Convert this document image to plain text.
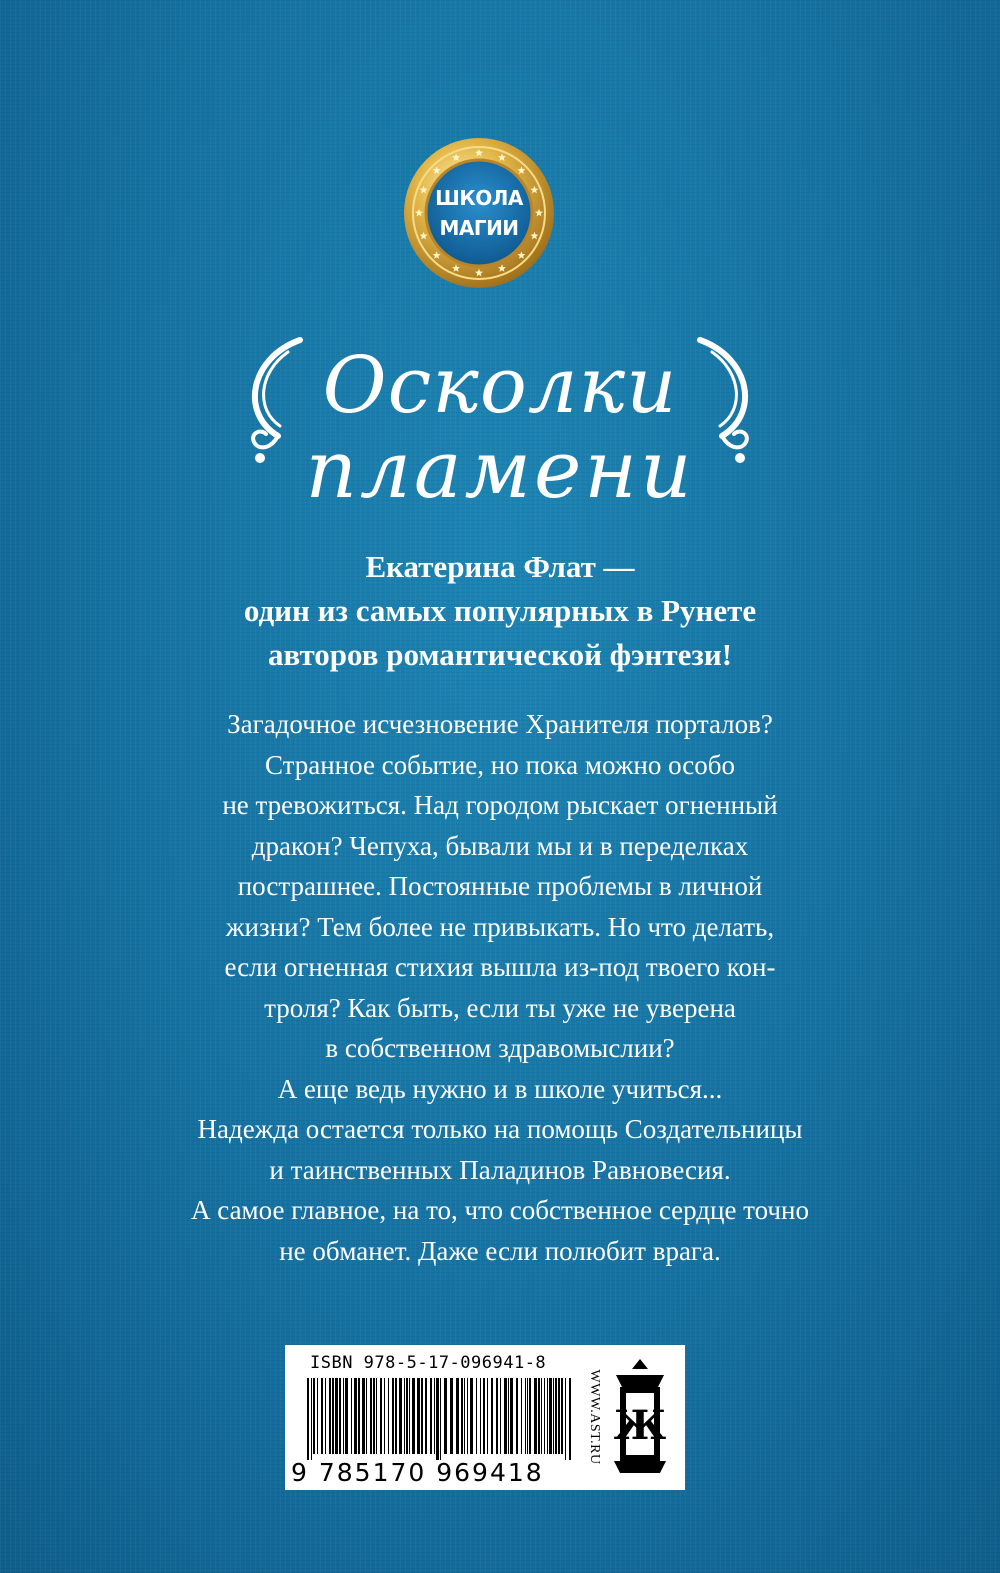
ШКОЛА
МАГИИ
Осколки
пламени
Екатерина Флат —
один из самых популярных в Рунете
авторов романтической фэнтези!
Загадочное исчезновение Хранителя порталов?
Странное событие, но пока можно особо
не тревожиться. Над городом рыскает огненный
дракон? Чепуха, бывали мы и в переделках
пострашнее. Постоянные проблемы в личной
жизни? Тем более не привыкать. Но что делать,
если огненная стихия вышла из-под твоего кон-
троля? Как быть, если ты уже не уверена
в собственном здравомыслии?
А еще ведь нужно и в школе учиться...
Надежда остается только на помощь Создательницы
и таинственных Паладинов Равновесия.
А самое главное, на то, что собственное сердце точно
не обманет. Даже если полюбит врага.
ISBN 978-5-17-096941-8
9 785170 969418
WWW.AST.RU Ж
